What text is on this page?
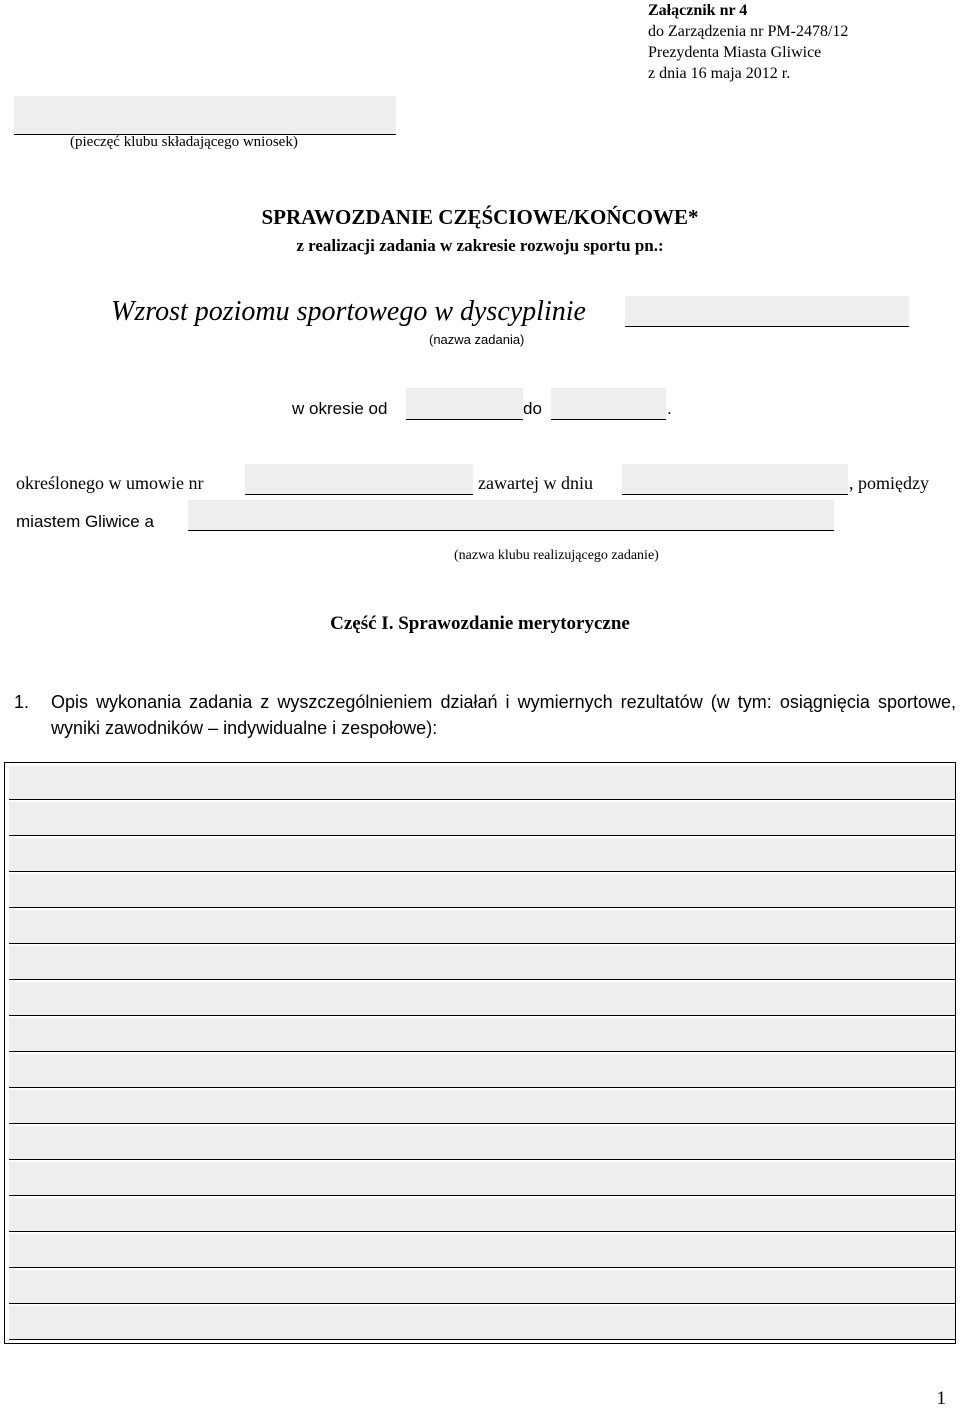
Załącznik nr 4
do Zarządzenia nr PM-2478/12
Prezydenta Miasta Gliwice
z dnia 16 maja 2012 r.
(pieczęć klubu składającego wniosek)
SPRAWOZDANIE CZĘŚCIOWE/KOŃCOWE*
z realizacji zadania w zakresie rozwoju sportu pn.:
Wzrost poziomu sportowego w dyscyplinie
(nazwa zadania)
w okresie od	do	.
określonego w umowie nr	zawartej w dniu	, pomiędzy
miastem Gliwice a
(nazwa klubu realizującego zadanie)
Część I. Sprawozdanie merytoryczne
1. Opis wykonania zadania z wyszczególnieniem działań i wymiernych rezultatów (w tym: osiągnięcia sportowe, wyniki zawodników – indywidualne i zespołowe):
1
